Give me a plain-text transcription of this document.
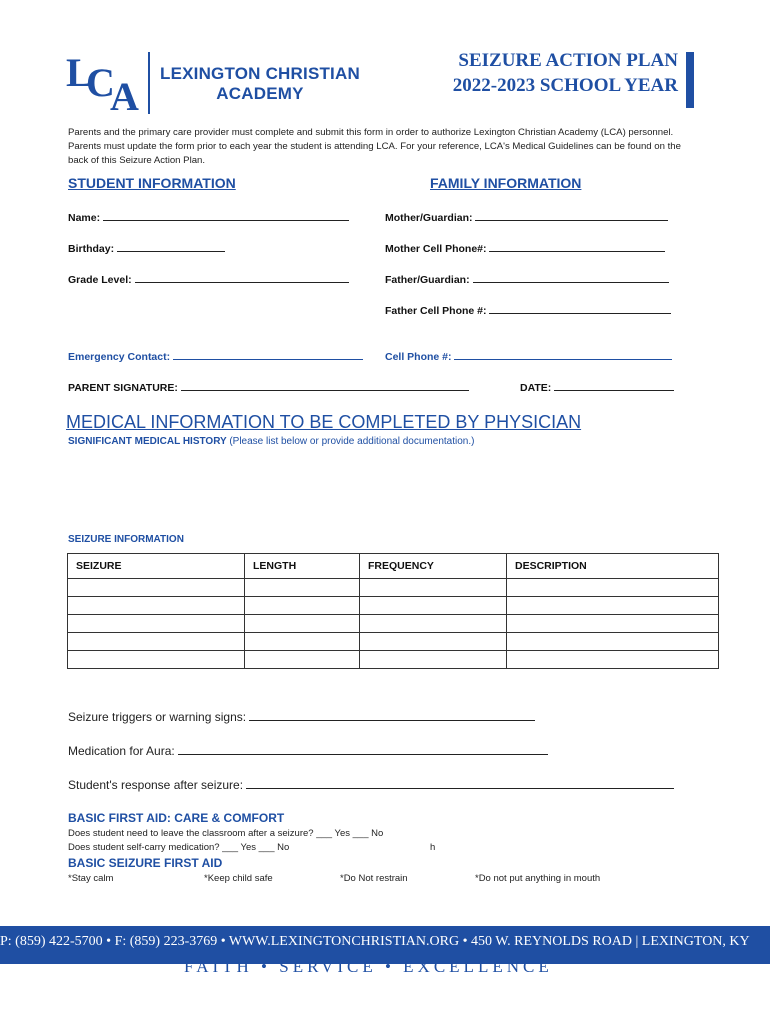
L
C
A
LEXINGTON CHRISTIAN
ACADEMY
SEIZURE ACTION PLAN
2022-2023 SCHOOL YEAR
Parents and the primary care provider must complete and submit this form in order to authorize Lexington Christian Academy (LCA) personnel. Parents must update the form prior to each year the student is attending LCA. For your reference, LCA's Medical Guidelines can be found on the back of this Seizure Action Plan.
STUDENT INFORMATION	FAMILY INFORMATION
Name:
Birthday:
Grade Level:
Mother/Guardian:
Mother Cell Phone#:
Father/Guardian:
Father Cell Phone #:
Emergency Contact:	Cell Phone #:
PARENT SIGNATURE:	DATE:
MEDICAL INFORMATION TO BE COMPLETED BY PHYSICIAN
SIGNIFICANT MEDICAL HISTORY (Please list below or provide additional documentation.)
SEIZURE INFORMATION
SEIZURE	LENGTH	FREQUENCY	DESCRIPTION

Seizure triggers or warning signs:
Medication for Aura:
Student's response after seizure:
BASIC FIRST AID: CARE & COMFORT
Does student need to leave the classroom after a seizure? ___ Yes ___ No
Does student self-carry medication? ___ Yes ___ No	h
BASIC SEIZURE FIRST AID
*Stay calm	*Keep child safe	*Do Not restrain	*Do not put anything in mouth
P: (859) 422-5700 • F: (859) 223-3769 • WWW.LEXINGTONCHRISTIAN.ORG • 450 W. REYNOLDS ROAD | LEXINGTON, KY
FAITH • SERVICE • EXCELLENCE
